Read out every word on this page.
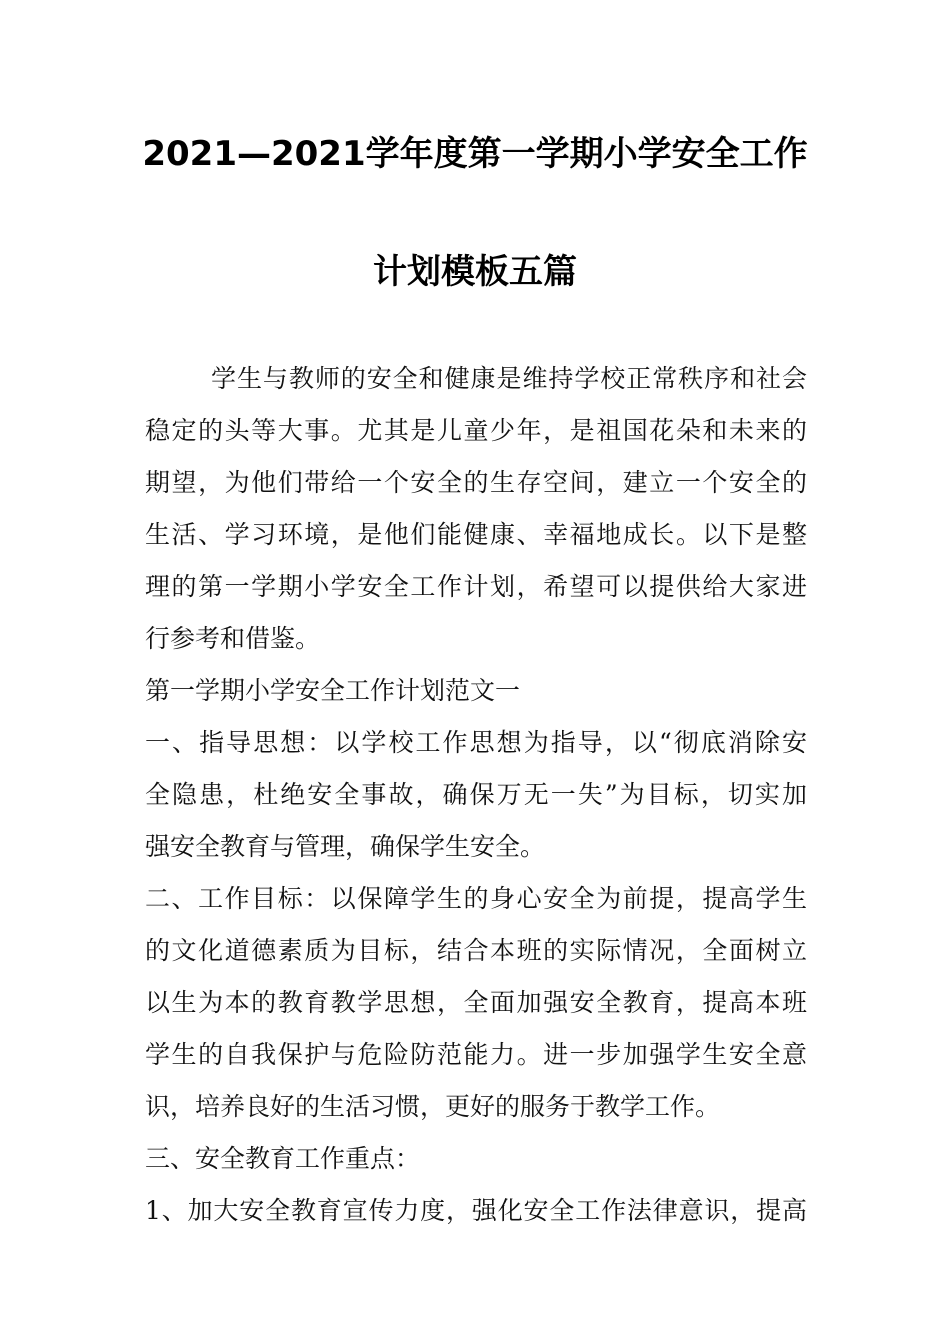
2021—2021学年度第一学期小学安全工作
计划模板五篇
学生与教师的安全和健康是维持学校正常秩序和社会
稳定的头等大事。尤其是儿童少年，是祖国花朵和未来的
期望，为他们带给一个安全的生存空间，建立一个安全的
生活、学习环境，是他们能健康、幸福地成长。以下是整
理的第一学期小学安全工作计划，希望可以提供给大家进
行参考和借鉴。
第一学期小学安全工作计划范文一
一、指导思想：以学校工作思想为指导，以“彻底消除安
全隐患，杜绝安全事故，确保万无一失”为目标，切实加
强安全教育与管理，确保学生安全。
二、工作目标：以保障学生的身心安全为前提，提高学生
的文化道德素质为目标，结合本班的实际情况，全面树立
以生为本的教育教学思想，全面加强安全教育，提高本班
学生的自我保护与危险防范能力。进一步加强学生安全意
识，培养良好的生活习惯，更好的服务于教学工作。
三、安全教育工作重点：
1、加大安全教育宣传力度，强化安全工作法律意识，提高
